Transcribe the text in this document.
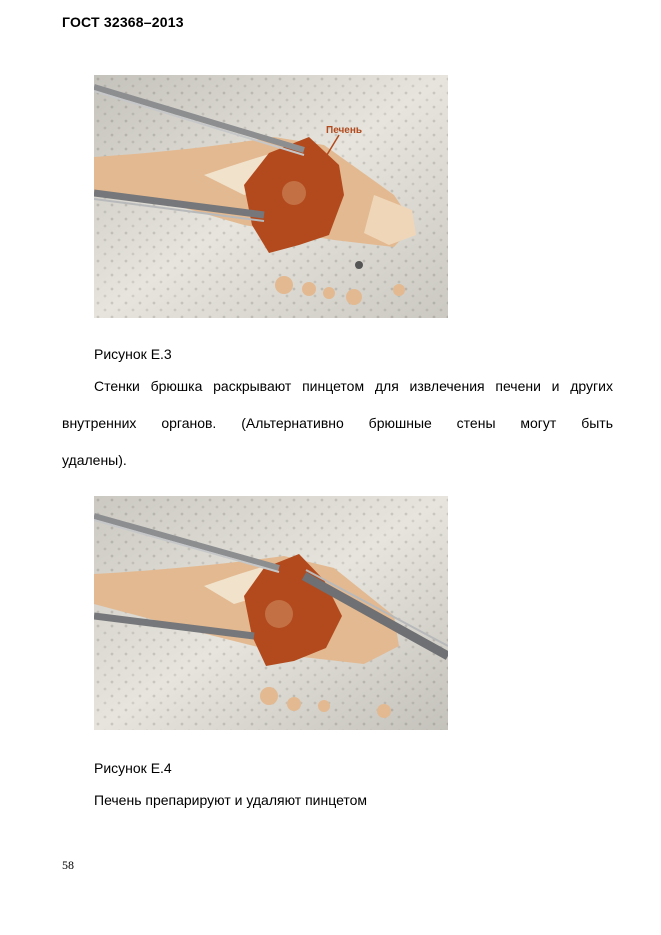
ГОСТ 32368–2013
Печень
Рисунок Е.3
Стенки брюшка раскрывают пинцетом для извлечения печени и других
внутренних органов. (Альтернативно брюшные стены могут быть
удалены).
Рисунок Е.4
Печень препарируют и удаляют пинцетом
58
